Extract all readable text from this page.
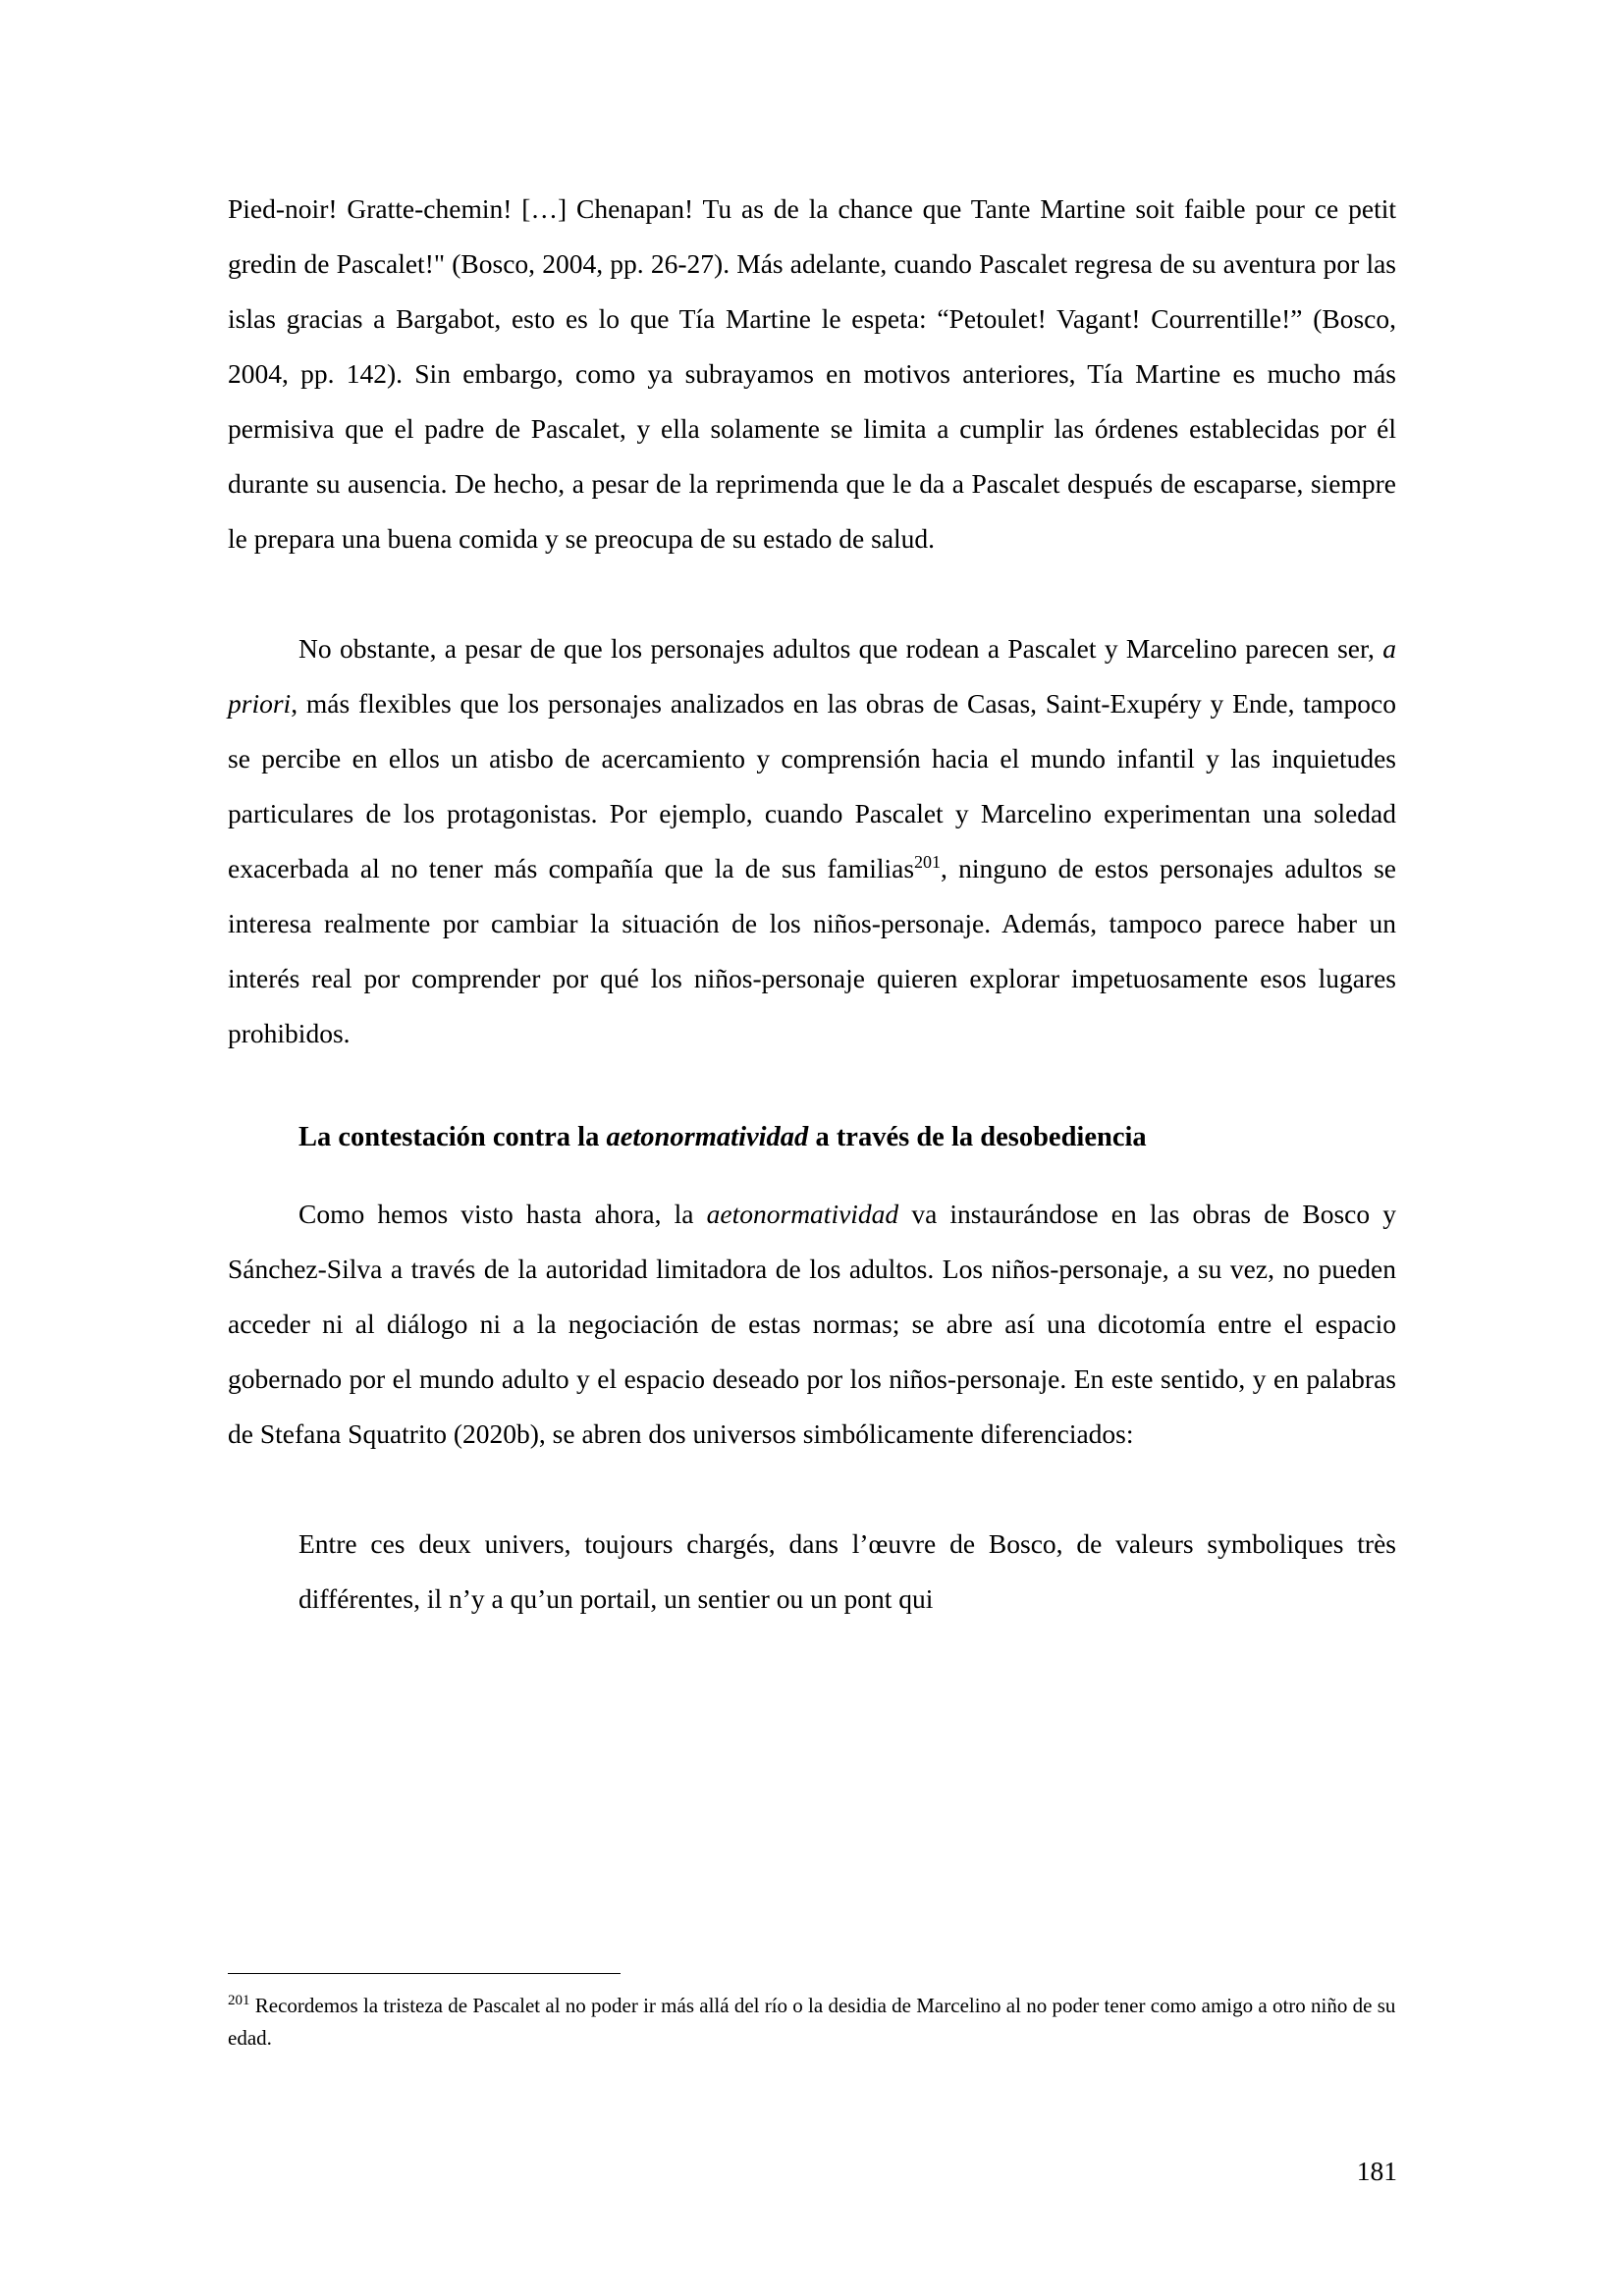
Pied-noir! Gratte-chemin! […] Chenapan! Tu as de la chance que Tante Martine soit faible pour ce petit gredin de Pascalet!" (Bosco, 2004, pp. 26-27). Más adelante, cuando Pascalet regresa de su aventura por las islas gracias a Bargabot, esto es lo que Tía Martine le espeta: “Petoulet! Vagant! Courrentille!” (Bosco, 2004, pp. 142). Sin embargo, como ya subrayamos en motivos anteriores, Tía Martine es mucho más permisiva que el padre de Pascalet, y ella solamente se limita a cumplir las órdenes establecidas por él durante su ausencia. De hecho, a pesar de la reprimenda que le da a Pascalet después de escaparse, siempre le prepara una buena comida y se preocupa de su estado de salud.

No obstante, a pesar de que los personajes adultos que rodean a Pascalet y Marcelino parecen ser, a priori, más flexibles que los personajes analizados en las obras de Casas, Saint-Exupéry y Ende, tampoco se percibe en ellos un atisbo de acercamiento y comprensión hacia el mundo infantil y las inquietudes particulares de los protagonistas. Por ejemplo, cuando Pascalet y Marcelino experimentan una soledad exacerbada al no tener más compañía que la de sus familias$^{201}$, ninguno de estos personajes adultos se interesa realmente por cambiar la situación de los niños-personaje. Además, tampoco parece haber un interés real por comprender por qué los niños-personaje quieren explorar impetuosamente esos lugares prohibidos.

La contestación contra la aetonormatividad a través de la desobediencia

Como hemos visto hasta ahora, la aetonormatividad va instaurándose en las obras de Bosco y Sánchez-Silva a través de la autoridad limitadora de los adultos. Los niños-personaje, a su vez, no pueden acceder ni al diálogo ni a la negociación de estas normas; se abre así una dicotomía entre el espacio gobernado por el mundo adulto y el espacio deseado por los niños-personaje. En este sentido, y en palabras de Stefana Squatrito (2020b), se abren dos universos simbólicamente diferenciados:

Entre ces deux univers, toujours chargés, dans l’œuvre de Bosco, de valeurs symboliques très différentes, il n’y a qu’un portail, un sentier ou un pont qui

$^{201}$ Recordemos la tristeza de Pascalet al no poder ir más allá del río o la desidia de Marcelino al no poder tener como amigo a otro niño de su edad.

181
